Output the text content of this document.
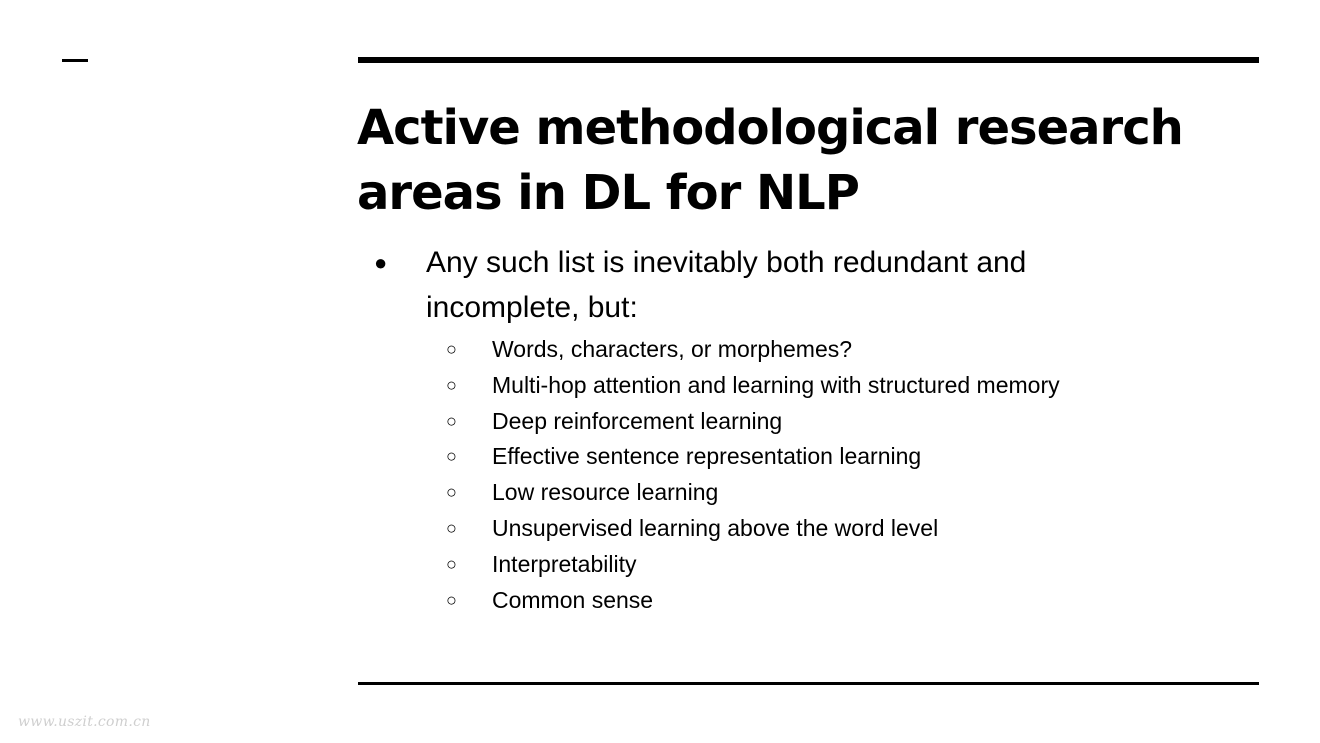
Active methodological research areas in DL for NLP
● Any such list is inevitably both redundant and incomplete, but:
○ Words, characters, or morphemes?
○ Multi-hop attention and learning with structured memory
○ Deep reinforcement learning
○ Effective sentence representation learning
○ Low resource learning
○ Unsupervised learning above the word level
○ Interpretability
○ Common sense
www.uszit.com.cn
